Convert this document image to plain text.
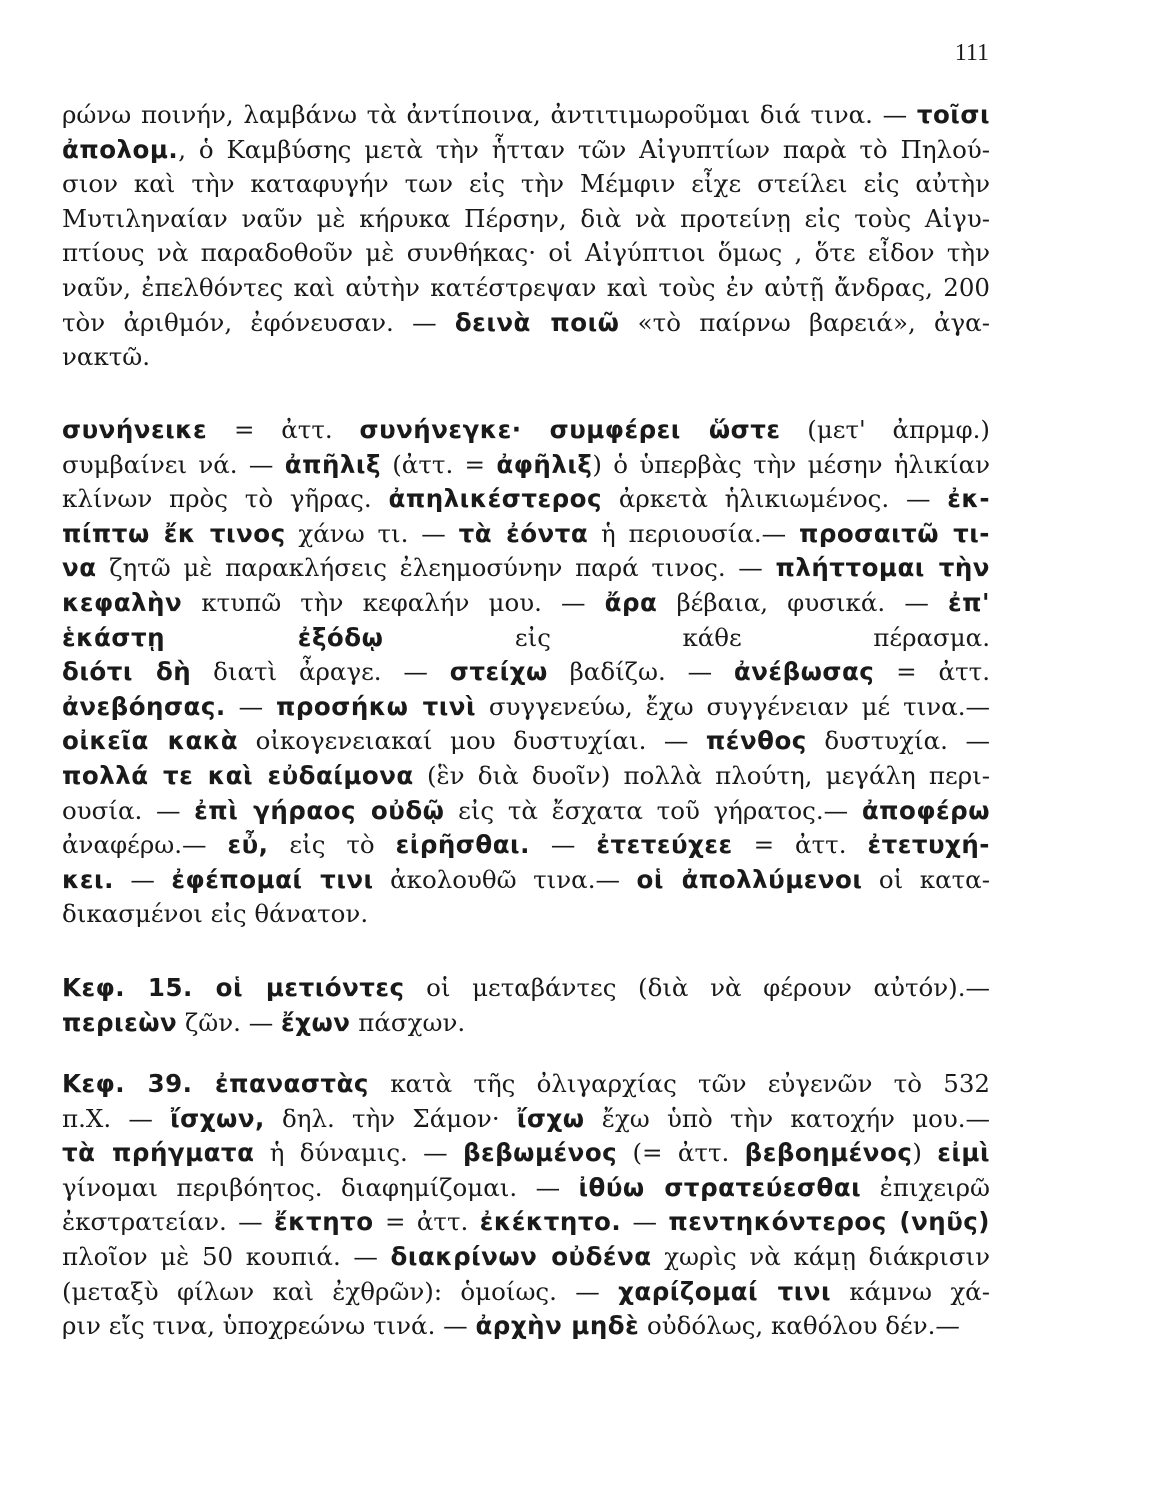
111
ρώνω ποινήν, λαμβάνω τὰ ἀντίποινα, ἀντιτιμωροῦμαι διά τινα. — τοῖσι
ἀπολομ., ὁ Καμβύσης μετὰ τὴν ἧτταν τῶν Αἰγυπτίων παρὰ τὸ Πηλού-
σιον καὶ τὴν καταφυγήν των εἰς τὴν Μέμφιν εἶχε στείλει εἰς αὐτὴν
Μυτιληναίαν ναῦν μὲ κήρυκα Πέρσην, διὰ νὰ προτείνῃ εἰς τοὺς Αἰγυ-
πτίους νὰ παραδοθοῦν μὲ συνθήκας· οἱ Αἰγύπτιοι ὅμως , ὅτε εἶδον τὴν
ναῦν, ἐπελθόντες καὶ αὐτὴν κατέστρεψαν καὶ τοὺς ἐν αὐτῇ ἄνδρας, 200
τὸν ἀριθμόν, ἐφόνευσαν. — δεινὰ ποιῶ «τὸ παίρνω βαρειά», ἀγα-
νακτῶ.
συνήνεικε = ἀττ. συνήνεγκε· συμφέρει ὥστε (μετ' ἀπρμφ.)
συμβαίνει νά. — ἀπῆλιξ (ἀττ. = ἀφῆλιξ) ὁ ὑπερβὰς τὴν μέσην ἡλικίαν
κλίνων πρὸς τὸ γῆρας. ἀπηλικέστερος ἀρκετὰ ἡλικιωμένος. — ἐκ-
πίπτω ἔκ τινος χάνω τι. — τὰ ἐόντα ἡ περιουσία.— προσαιτῶ τι-
να ζητῶ μὲ παρακλήσεις ἐλεημοσύνην παρά τινος. — πλήττομαι τὴν
κεφαλὴν κτυπῶ τὴν κεφαλήν μου. — ἄρα βέβαια, φυσικά. — ἐπ'
ἑκάστῃ ἐξόδῳ εἰς κάθε πέρασμα.
διότι δὴ διατὶ ἆραγε. — στείχω βαδίζω. — ἀνέβωσας = ἀττ.
ἀνεβόησας. — προσήκω τινὶ συγγενεύω, ἔχω συγγένειαν μέ τινα.—
οἰκεῖα κακὰ οἰκογενειακαί μου δυστυχίαι. — πένθος δυστυχία. —
πολλά τε καὶ εὐδαίμονα (ἓν διὰ δυοῖν) πολλὰ πλούτη, μεγάλη περι-
ουσία. — ἐπὶ γήραος οὐδῷ εἰς τὰ ἔσχατα τοῦ γήρατος.— ἀποφέρω
ἀναφέρω.— εὖ, εἰς τὸ εἰρῆσθαι. — ἐτετεύχεε = ἀττ. ἐτετυχή-
κει. — ἐφέπομαί τινι ἀκολουθῶ τινα.— οἱ ἀπολλύμενοι οἱ κατα-
δικασμένοι εἰς θάνατον.
Κεφ. 15. οἱ μετιόντες οἱ μεταβάντες (διὰ νὰ φέρουν αὐτόν).—
περιεὼν ζῶν. — ἔχων πάσχων.
Κεφ. 39. ἐπαναστὰς κατὰ τῆς ὀλιγαρχίας τῶν εὐγενῶν τὸ 532
π.Χ. — ἴσχων, δηλ. τὴν Σάμον· ἴσχω ἔχω ὑπὸ τὴν κατοχήν μου.—
τὰ πρήγματα ἡ δύναμις. — βεβωμένος (= ἀττ. βεβοημένος) εἰμὶ
γίνομαι περιβόητος. διαφημίζομαι. — ἰθύω στρατεύεσθαι ἐπιχειρῶ
ἐκστρατείαν. — ἔκτητο = ἀττ. ἐκέκτητο. — πεντηκόντερος (νηῦς)
πλοῖον μὲ 50 κουπιά. — διακρίνων οὐδένα χωρὶς νὰ κάμῃ διάκρισιν
(μεταξὺ φίλων καὶ ἐχθρῶν): ὁμοίως. — χαρίζομαί τινι κάμνω χά-
ριν εἴς τινα, ὑποχρεώνω τινά. — ἀρχὴν μηδὲ οὐδόλως, καθόλου δέν.—
